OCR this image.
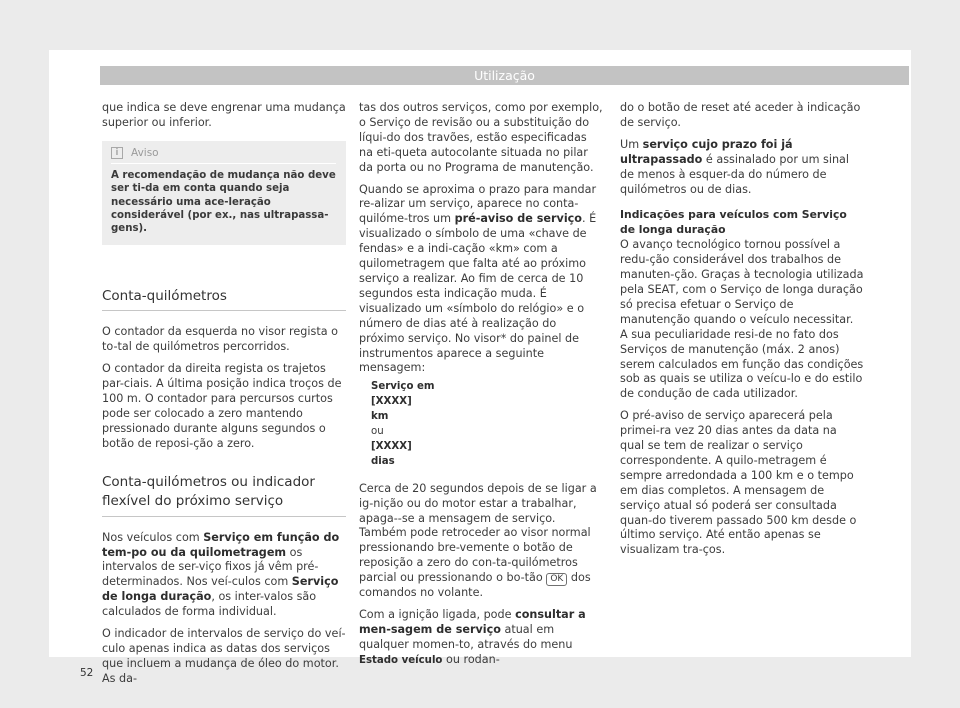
Utilização

que indica se deve engrenar uma mudança superior ou inferior.

i	Aviso
A recomendação de mudança não deve ser ti-da em conta quando seja necessário uma ace-leração considerável (por ex., nas ultrapassa-gens).
Conta-quilómetros

O contador da esquerda no visor regista o to-tal de quilómetros percorridos.

O contador da direita regista os trajetos par-ciais. A última posição indica troços de 100 m. O contador para percursos curtos pode ser colocado a zero mantendo pressionado durante alguns segundos o botão de reposi-ção a zero.

Conta-quilómetros ou indicador flexível do próximo serviço

Nos veículos com Serviço em função do tem-po ou da quilometragem os intervalos de ser-viço fixos já vêm pré-determinados. Nos veí-culos com Serviço de longa duração, os inter-valos são calculados de forma individual.

O indicador de intervalos de serviço do veí-culo apenas indica as datas dos serviços que incluem a mudança de óleo do motor. As da-

tas dos outros serviços, como por exemplo, o Serviço de revisão ou a substituição do líqui-do dos travões, estão especificadas na eti-queta autocolante situada no pilar da porta ou no Programa de manutenção.

Quando se aproxima o prazo para mandar re-alizar um serviço, aparece no conta-quilóme-tros um pré-aviso de serviço. É visualizado o símbolo de uma «chave de fendas» e a indi-cação «km» com a quilometragem que falta até ao próximo serviço a realizar. Ao fim de cerca de 10 segundos esta indicação muda. É visualizado um «símbolo do relógio» e o número de dias até à realização do próximo serviço. No visor* do painel de instrumentos aparece a seguinte mensagem:

Serviço em
[XXXX]
km
ou
[XXXX]
dias

Cerca de 20 segundos depois de se ligar a ig-nição ou do motor estar a trabalhar, apaga--se a mensagem de serviço. Também pode retroceder ao visor normal pressionando bre-vemente o botão de reposição a zero do con-ta-quilómetros parcial ou pressionando o bo-tão OK dos comandos no volante.

Com a ignição ligada, pode consultar a men-sagem de serviço atual em qualquer momen-to, através do menu Estado veículo ou rodan-

do o botão de reset até aceder à indicação de serviço.

Um serviço cujo prazo foi já ultrapassado é assinalado por um sinal de menos à esquer-da do número de quilómetros ou de dias.

Indicações para veículos com Serviço de longa duração

O avanço tecnológico tornou possível a redu-ção considerável dos trabalhos de manuten-ção. Graças à tecnologia utilizada pela SEAT, com o Serviço de longa duração só precisa efetuar o Serviço de manutenção quando o veículo necessitar. A sua peculiaridade resi-de no fato dos Serviços de manutenção (máx. 2 anos) serem calculados em função das condições sob as quais se utiliza o veícu-lo e do estilo de condução de cada utilizador.

O pré-aviso de serviço aparecerá pela primei-ra vez 20 dias antes da data na qual se tem de realizar o serviço correspondente. A quilo-metragem é sempre arredondada a 100 km e o tempo em dias completos. A mensagem de serviço atual só poderá ser consultada quan-do tiverem passado 500 km desde o último serviço. Até então apenas se visualizam tra-ços.

52
